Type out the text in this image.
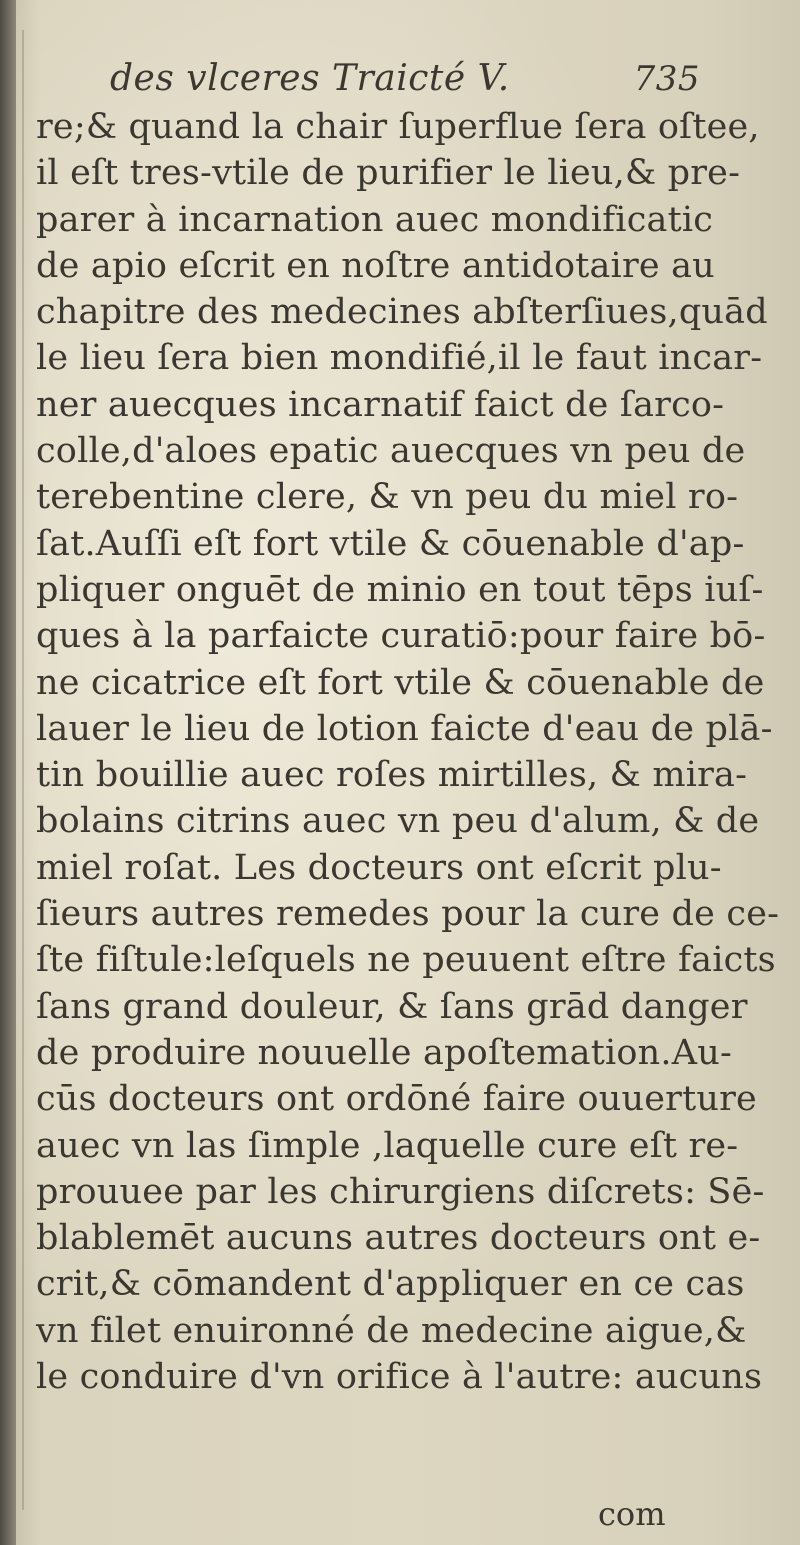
des vlceres Traicté V.	735
re;& quand la chair ſuperflue ſera oſtee,
il eſt tres-vtile de purifier le lieu,& pre-
parer à incarnation auec mondificatic
de apio eſcrit en noſtre antidotaire au
chapitre des medecines abſterſiues,quād
le lieu ſera bien mondifié,il le faut incar-
ner auecques incarnatif faict de ſarco-
colle,d'aloes epatic auecques vn peu de
terebentine clere, & vn peu du miel ro-
ſat.Auſſi eſt fort vtile & cōuenable d'ap-
pliquer onguēt de minio en tout tēps iuſ-
ques à la parfaicte curatiō:pour faire bō-
ne cicatrice eſt fort vtile & cōuenable de
lauer le lieu de lotion faicte d'eau de plā-
tin bouillie auec roſes mirtilles, & mira-
bolains citrins auec vn peu d'alum, & de
miel roſat. Les docteurs ont eſcrit plu-
ſieurs autres remedes pour la cure de ce-
ſte fiſtule:leſquels ne peuuent eſtre faicts
ſans grand douleur, & ſans grād danger
de produire nouuelle apoſtemation.Au-
cūs docteurs ont ordōné faire ouuerture
auec vn las ſimple ,laquelle cure eſt re-
prouuee par les chirurgiens diſcrets: Sē-
blablemēt aucuns autres docteurs ont e-
crit,& cōmandent d'appliquer en ce cas
vn filet enuironné de medecine aigue,&
le conduire d'vn orifice à l'autre: aucuns
com
